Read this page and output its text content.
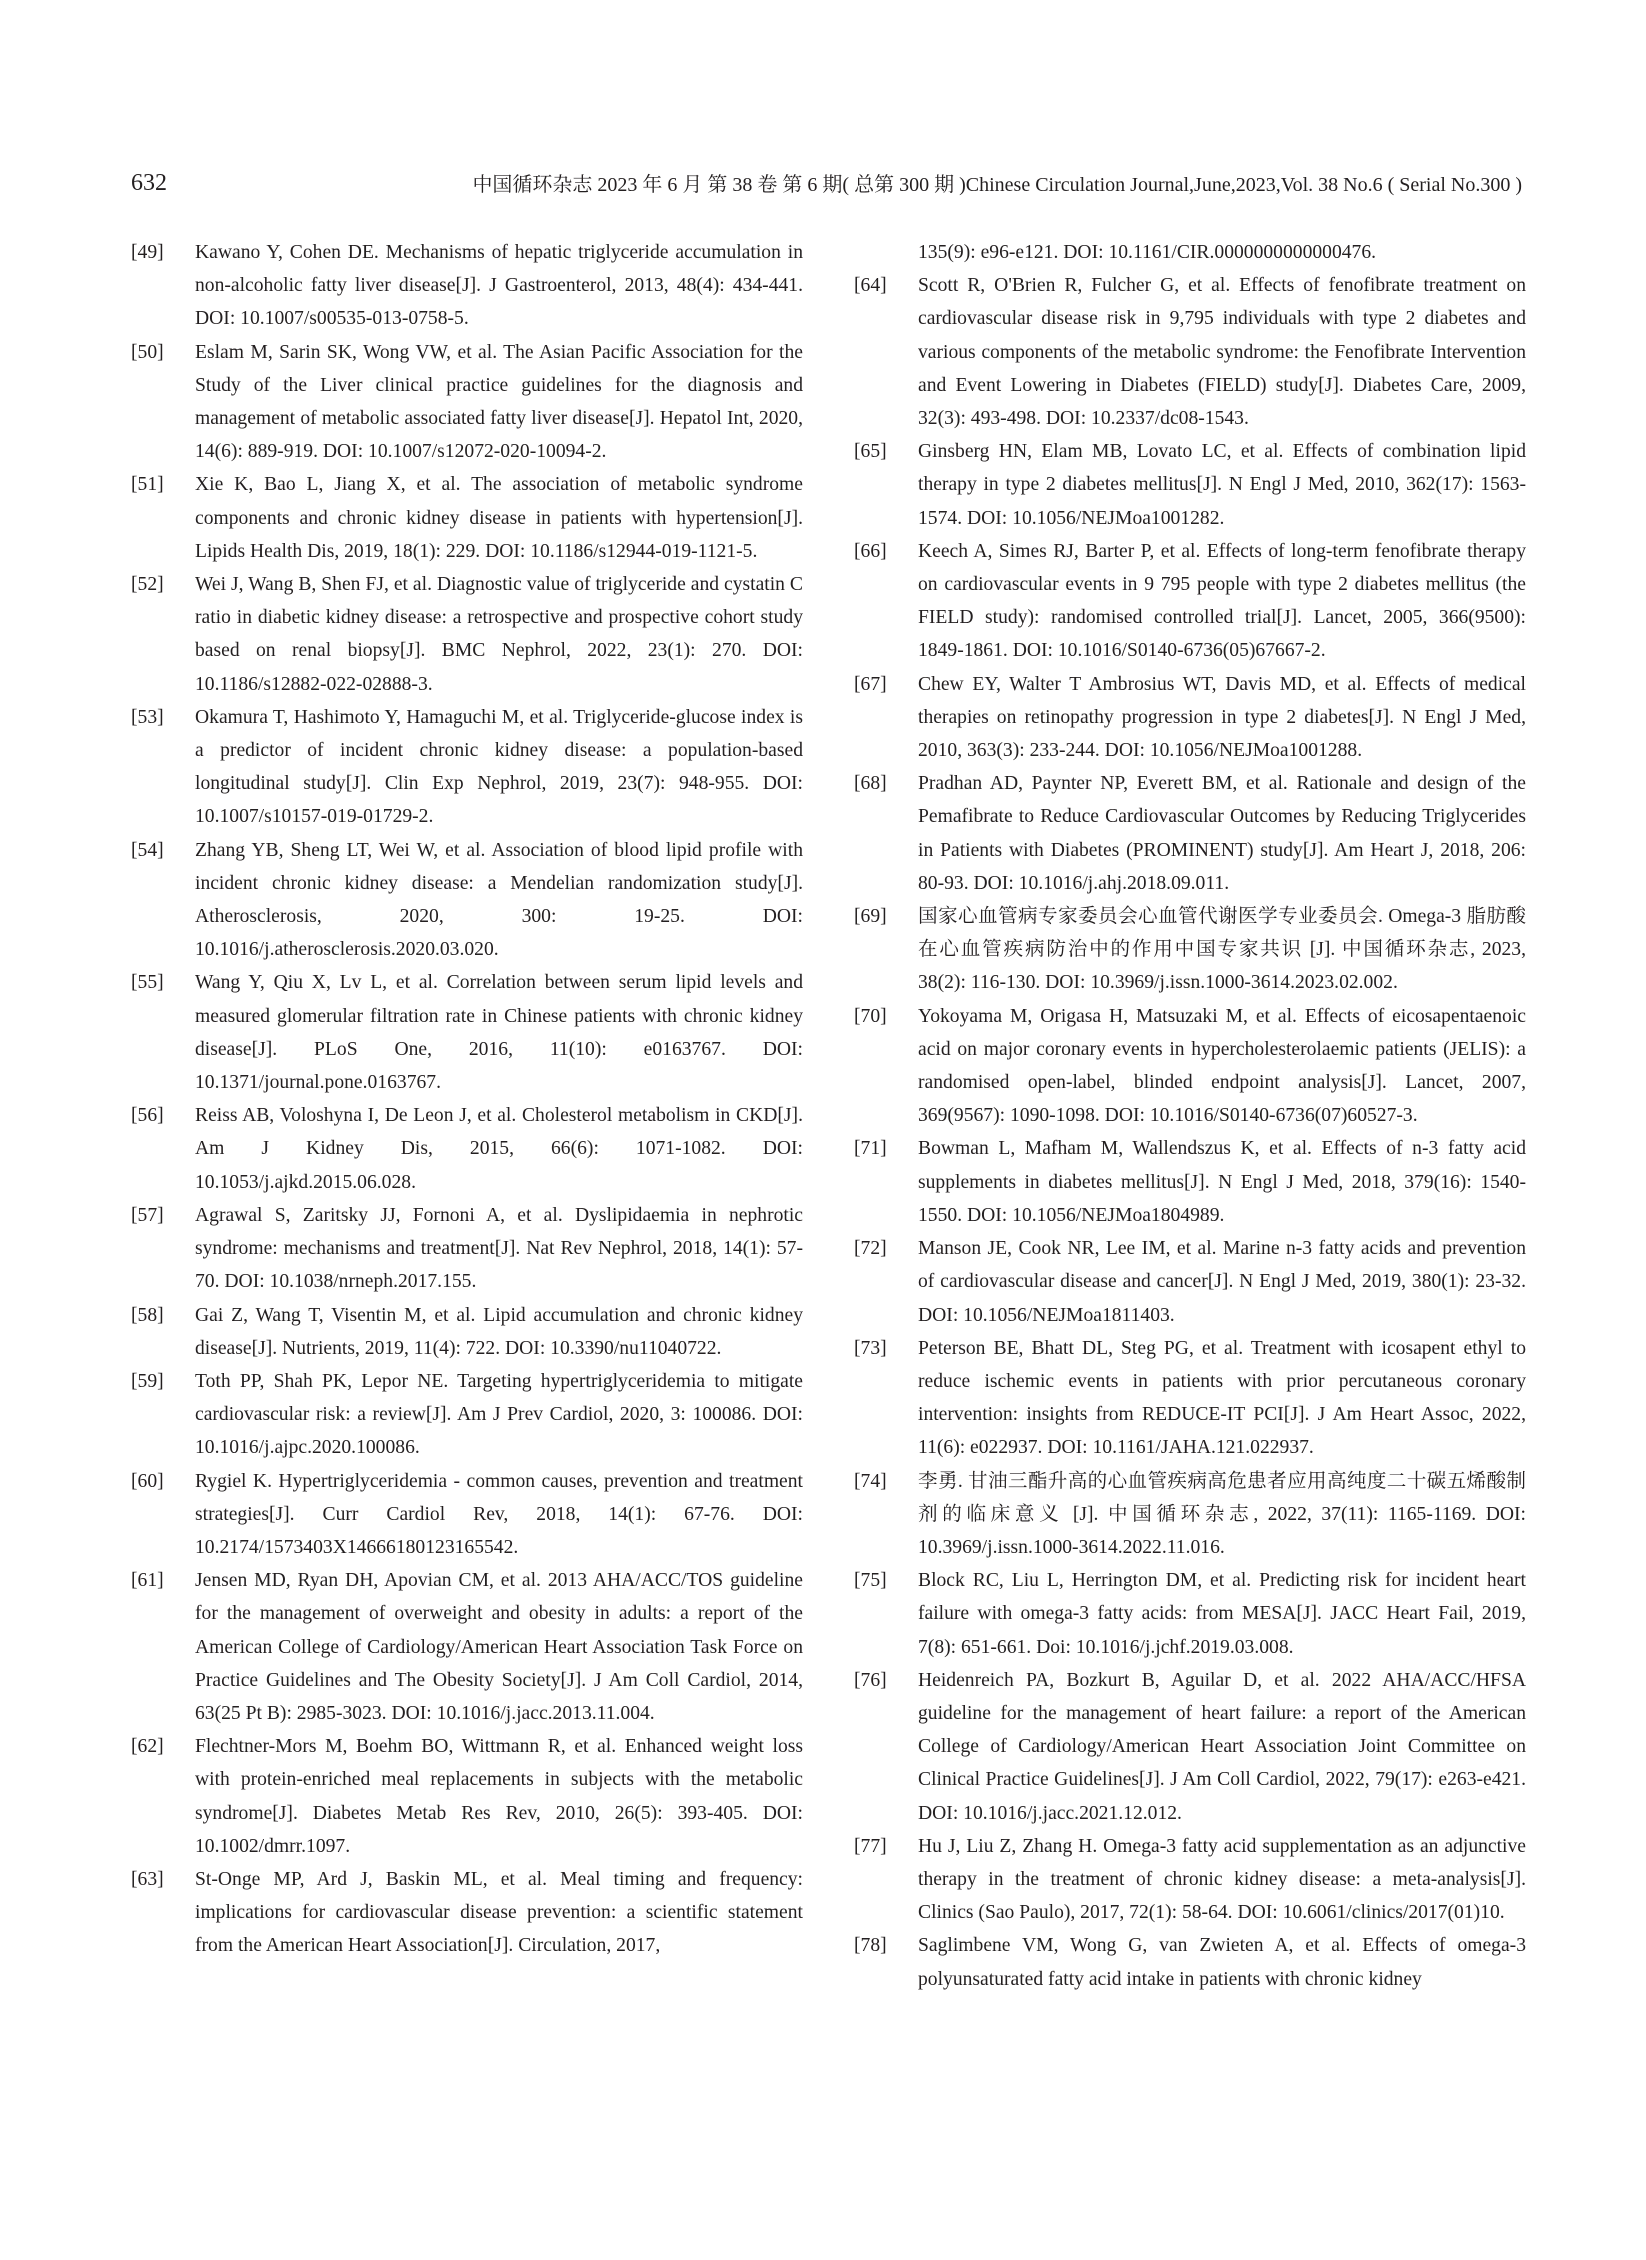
632	中国循环杂志 2023 年 6 月 第 38 卷 第 6 期( 总第 300 期 )Chinese Circulation Journal,June,2023,Vol. 38 No.6 ( Serial No.300 )
[49] Kawano Y, Cohen DE. Mechanisms of hepatic triglyceride accumulation in non-alcoholic fatty liver disease[J]. J Gastroenterol, 2013, 48(4): 434-441. DOI: 10.1007/s00535-013-0758-5.
[50] Eslam M, Sarin SK, Wong VW, et al. The Asian Pacific Association for the Study of the Liver clinical practice guidelines for the diagnosis and management of metabolic associated fatty liver disease[J]. Hepatol Int, 2020, 14(6): 889-919. DOI: 10.1007/s12072-020-10094-2.
[51] Xie K, Bao L, Jiang X, et al. The association of metabolic syndrome components and chronic kidney disease in patients with hypertension[J]. Lipids Health Dis, 2019, 18(1): 229. DOI: 10.1186/s12944-019-1121-5.
[52] Wei J, Wang B, Shen FJ, et al. Diagnostic value of triglyceride and cystatin C ratio in diabetic kidney disease: a retrospective and prospective cohort study based on renal biopsy[J]. BMC Nephrol, 2022, 23(1): 270. DOI: 10.1186/s12882-022-02888-3.
[53] Okamura T, Hashimoto Y, Hamaguchi M, et al. Triglyceride-glucose index is a predictor of incident chronic kidney disease: a population-based longitudinal study[J]. Clin Exp Nephrol, 2019, 23(7): 948-955. DOI: 10.1007/s10157-019-01729-2.
[54] Zhang YB, Sheng LT, Wei W, et al. Association of blood lipid profile with incident chronic kidney disease: a Mendelian randomization study[J]. Atherosclerosis, 2020, 300: 19-25. DOI: 10.1016/j.atherosclerosis.2020.03.020.
[55] Wang Y, Qiu X, Lv L, et al. Correlation between serum lipid levels and measured glomerular filtration rate in Chinese patients with chronic kidney disease[J]. PLoS One, 2016, 11(10): e0163767. DOI: 10.1371/journal.pone.0163767.
[56] Reiss AB, Voloshyna I, De Leon J, et al. Cholesterol metabolism in CKD[J]. Am J Kidney Dis, 2015, 66(6): 1071-1082. DOI: 10.1053/j.ajkd.2015.06.028.
[57] Agrawal S, Zaritsky JJ, Fornoni A, et al. Dyslipidaemia in nephrotic syndrome: mechanisms and treatment[J]. Nat Rev Nephrol, 2018, 14(1): 57-70. DOI: 10.1038/nrneph.2017.155.
[58] Gai Z, Wang T, Visentin M, et al. Lipid accumulation and chronic kidney disease[J]. Nutrients, 2019, 11(4): 722. DOI: 10.3390/nu11040722.
[59] Toth PP, Shah PK, Lepor NE. Targeting hypertriglyceridemia to mitigate cardiovascular risk: a review[J]. Am J Prev Cardiol, 2020, 3: 100086. DOI: 10.1016/j.ajpc.2020.100086.
[60] Rygiel K. Hypertriglyceridemia - common causes, prevention and treatment strategies[J]. Curr Cardiol Rev, 2018, 14(1): 67-76. DOI: 10.2174/1573403X14666180123165542.
[61] Jensen MD, Ryan DH, Apovian CM, et al. 2013 AHA/ACC/TOS guideline for the management of overweight and obesity in adults: a report of the American College of Cardiology/American Heart Association Task Force on Practice Guidelines and The Obesity Society[J]. J Am Coll Cardiol, 2014, 63(25 Pt B): 2985-3023. DOI: 10.1016/j.jacc.2013.11.004.
[62] Flechtner-Mors M, Boehm BO, Wittmann R, et al. Enhanced weight loss with protein-enriched meal replacements in subjects with the metabolic syndrome[J]. Diabetes Metab Res Rev, 2010, 26(5): 393-405. DOI: 10.1002/dmrr.1097.
[63] St-Onge MP, Ard J, Baskin ML, et al. Meal timing and frequency: implications for cardiovascular disease prevention: a scientific statement from the American Heart Association[J]. Circulation, 2017,
135(9): e96-e121. DOI: 10.1161/CIR.0000000000000476.
[64] Scott R, O'Brien R, Fulcher G, et al. Effects of fenofibrate treatment on cardiovascular disease risk in 9,795 individuals with type 2 diabetes and various components of the metabolic syndrome: the Fenofibrate Intervention and Event Lowering in Diabetes (FIELD) study[J]. Diabetes Care, 2009, 32(3): 493-498. DOI: 10.2337/dc08-1543.
[65] Ginsberg HN, Elam MB, Lovato LC, et al. Effects of combination lipid therapy in type 2 diabetes mellitus[J]. N Engl J Med, 2010, 362(17): 1563-1574. DOI: 10.1056/NEJMoa1001282.
[66] Keech A, Simes RJ, Barter P, et al. Effects of long-term fenofibrate therapy on cardiovascular events in 9 795 people with type 2 diabetes mellitus (the FIELD study): randomised controlled trial[J]. Lancet, 2005, 366(9500): 1849-1861. DOI: 10.1016/S0140-6736(05)67667-2.
[67] Chew EY, Walter T Ambrosius WT, Davis MD, et al. Effects of medical therapies on retinopathy progression in type 2 diabetes[J]. N Engl J Med, 2010, 363(3): 233-244. DOI: 10.1056/NEJMoa1001288.
[68] Pradhan AD, Paynter NP, Everett BM, et al. Rationale and design of the Pemafibrate to Reduce Cardiovascular Outcomes by Reducing Triglycerides in Patients with Diabetes (PROMINENT) study[J]. Am Heart J, 2018, 206: 80-93. DOI: 10.1016/j.ahj.2018.09.011.
[69] 国家心血管病专家委员会心血管代谢医学专业委员会. Omega-3 脂肪酸在心血管疾病防治中的作用中国专家共识 [J]. 中国循环杂志, 2023, 38(2): 116-130. DOI: 10.3969/j.issn.1000-3614.2023.02.002.
[70] Yokoyama M, Origasa H, Matsuzaki M, et al. Effects of eicosapentaenoic acid on major coronary events in hypercholesterolaemic patients (JELIS): a randomised open-label, blinded endpoint analysis[J]. Lancet, 2007, 369(9567): 1090-1098. DOI: 10.1016/S0140-6736(07)60527-3.
[71] Bowman L, Mafham M, Wallendszus K, et al. Effects of n-3 fatty acid supplements in diabetes mellitus[J]. N Engl J Med, 2018, 379(16): 1540-1550. DOI: 10.1056/NEJMoa1804989.
[72] Manson JE, Cook NR, Lee IM, et al. Marine n-3 fatty acids and prevention of cardiovascular disease and cancer[J]. N Engl J Med, 2019, 380(1): 23-32. DOI: 10.1056/NEJMoa1811403.
[73] Peterson BE, Bhatt DL, Steg PG, et al. Treatment with icosapent ethyl to reduce ischemic events in patients with prior percutaneous coronary intervention: insights from REDUCE-IT PCI[J]. J Am Heart Assoc, 2022, 11(6): e022937. DOI: 10.1161/JAHA.121.022937.
[74] 李勇. 甘油三酯升高的心血管疾病高危患者应用高纯度二十碳五烯酸制剂的临床意义 [J]. 中国循环杂志, 2022, 37(11): 1165-1169. DOI: 10.3969/j.issn.1000-3614.2022.11.016.
[75] Block RC, Liu L, Herrington DM, et al. Predicting risk for incident heart failure with omega-3 fatty acids: from MESA[J]. JACC Heart Fail, 2019, 7(8): 651-661. Doi: 10.1016/j.jchf.2019.03.008.
[76] Heidenreich PA, Bozkurt B, Aguilar D, et al. 2022 AHA/ACC/HFSA guideline for the management of heart failure: a report of the American College of Cardiology/American Heart Association Joint Committee on Clinical Practice Guidelines[J]. J Am Coll Cardiol, 2022, 79(17): e263-e421. DOI: 10.1016/j.jacc.2021.12.012.
[77] Hu J, Liu Z, Zhang H. Omega-3 fatty acid supplementation as an adjunctive therapy in the treatment of chronic kidney disease: a meta-analysis[J]. Clinics (Sao Paulo), 2017, 72(1): 58-64. DOI: 10.6061/clinics/2017(01)10.
[78] Saglimbene VM, Wong G, van Zwieten A, et al. Effects of omega-3 polyunsaturated fatty acid intake in patients with chronic kidney
